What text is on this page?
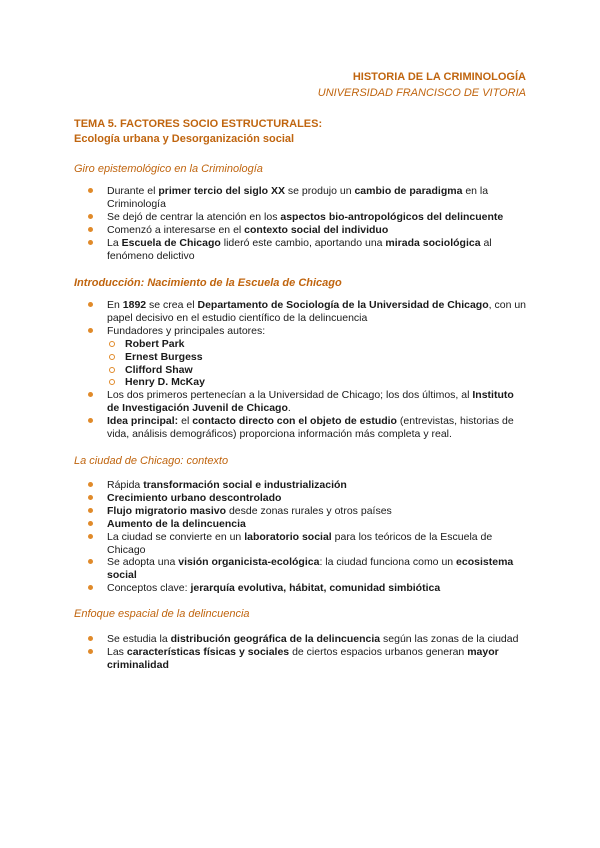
HISTORIA DE LA CRIMINOLOGÍA
UNIVERSIDAD FRANCISCO DE VITORIA
TEMA 5. FACTORES SOCIO ESTRUCTURALES:
Ecología urbana y Desorganización social
Giro epistemológico en la Criminología
Durante el primer tercio del siglo XX se produjo un cambio de paradigma en la Criminología
Se dejó de centrar la atención en los aspectos bio-antropológicos del delincuente
Comenzó a interesarse en el contexto social del individuo
La Escuela de Chicago lideró este cambio, aportando una mirada sociológica al fenómeno delictivo
Introducción: Nacimiento de la Escuela de Chicago
En 1892 se crea el Departamento de Sociología de la Universidad de Chicago, con un papel decisivo en el estudio científico de la delincuencia
Fundadores y principales autores:
Robert Park
Ernest Burgess
Clifford Shaw
Henry D. McKay
Los dos primeros pertenecían a la Universidad de Chicago; los dos últimos, al Instituto de Investigación Juvenil de Chicago.
Idea principal: el contacto directo con el objeto de estudio (entrevistas, historias de vida, análisis demográficos) proporciona información más completa y real.
La ciudad de Chicago: contexto
Rápida transformación social e industrialización
Crecimiento urbano descontrolado
Flujo migratorio masivo desde zonas rurales y otros países
Aumento de la delincuencia
La ciudad se convierte en un laboratorio social para los teóricos de la Escuela de Chicago
Se adopta una visión organicista-ecológica: la ciudad funciona como un ecosistema social
Conceptos clave: jerarquía evolutiva, hábitat, comunidad simbiótica
Enfoque espacial de la delincuencia
Se estudia la distribución geográfica de la delincuencia según las zonas de la ciudad
Las características físicas y sociales de ciertos espacios urbanos generan mayor criminalidad
